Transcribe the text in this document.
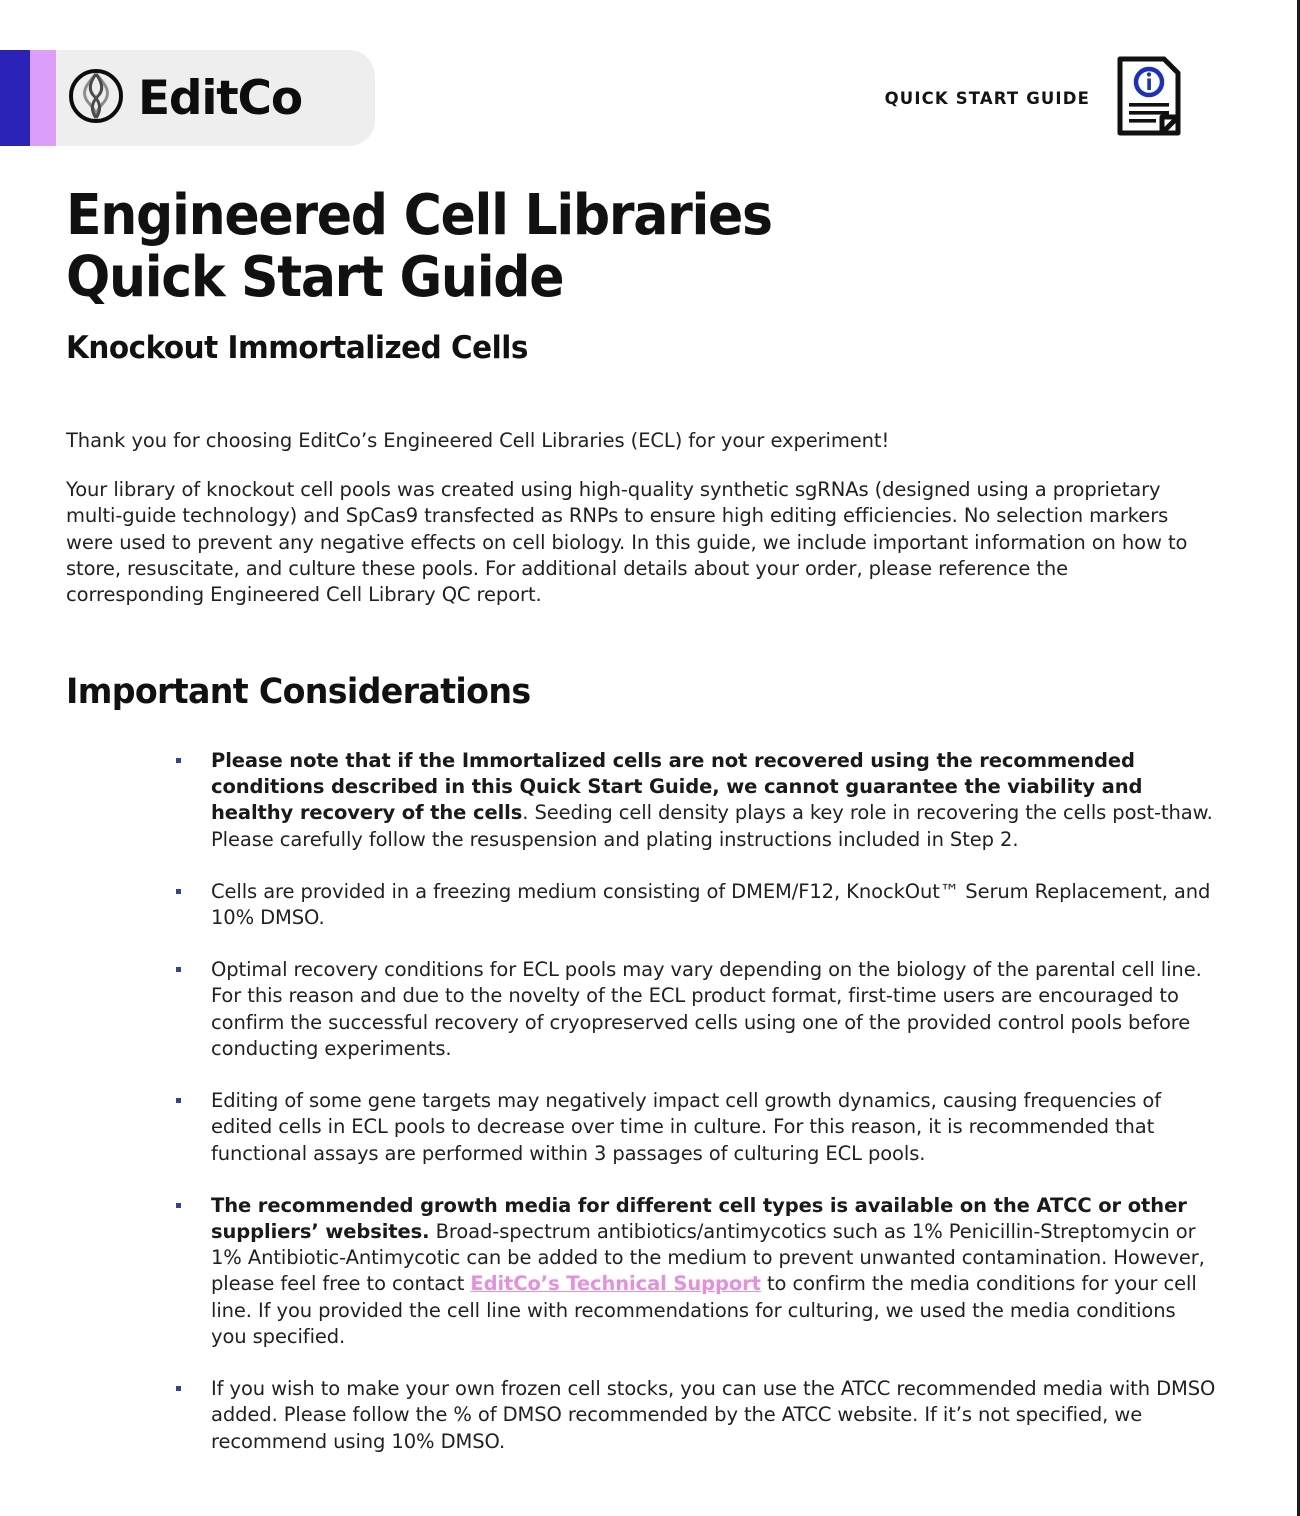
EditCo	QUICK START GUIDE
Engineered Cell Libraries
Quick Start Guide
Knockout Immortalized Cells

Thank you for choosing EditCo’s Engineered Cell Libraries (ECL) for your experiment!

Your library of knockout cell pools was created using high-quality synthetic sgRNAs (designed using a proprietary multi-guide technology) and SpCas9 transfected as RNPs to ensure high editing efficiencies. No selection markers were used to prevent any negative effects on cell biology. In this guide, we include important information on how to store, resuscitate, and culture these pools. For additional details about your order, please reference the corresponding Engineered Cell Library QC report.

Important Considerations
Please note that if the Immortalized cells are not recovered using the recommended conditions described in this Quick Start Guide, we cannot guarantee the viability and healthy recovery of the cells. Seeding cell density plays a key role in recovering the cells post-thaw. Please carefully follow the resuspension and plating instructions included in Step 2.
Cells are provided in a freezing medium consisting of DMEM/F12, KnockOut™ Serum Replacement, and 10% DMSO.
Optimal recovery conditions for ECL pools may vary depending on the biology of the parental cell line. For this reason and due to the novelty of the ECL product format, first-time users are encouraged to confirm the successful recovery of cryopreserved cells using one of the provided control pools before conducting experiments.
Editing of some gene targets may negatively impact cell growth dynamics, causing frequencies of edited cells in ECL pools to decrease over time in culture. For this reason, it is recommended that functional assays are performed within 3 passages of culturing ECL pools.
The recommended growth media for different cell types is available on the ATCC or other suppliers’ websites. Broad-spectrum antibiotics/antimycotics such as 1% Penicillin-Streptomycin or 1% Antibiotic-Antimycotic can be added to the medium to prevent unwanted contamination. However, please feel free to contact EditCo’s Technical Support to confirm the media conditions for your cell line. If you provided the cell line with recommendations for culturing, we used the media conditions you specified.
If you wish to make your own frozen cell stocks, you can use the ATCC recommended media with DMSO added. Please follow the % of DMSO recommended by the ATCC website. If it’s not specified, we recommend using 10% DMSO.
